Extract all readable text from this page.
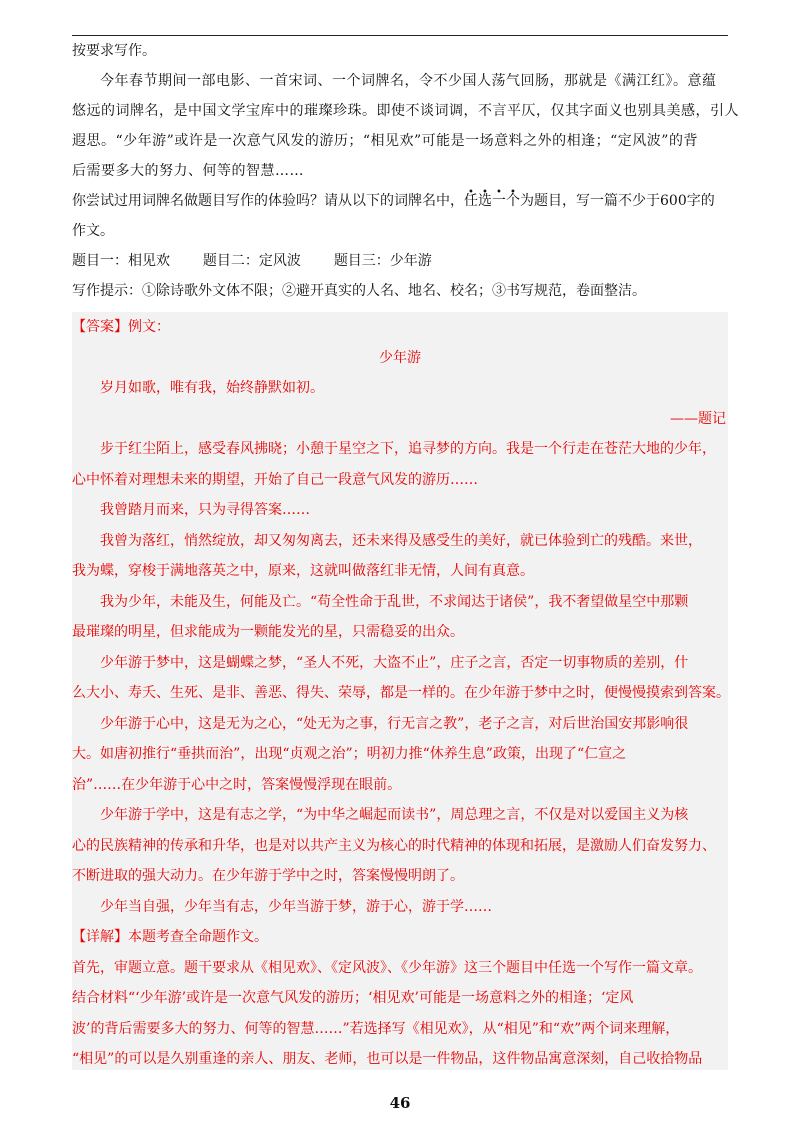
按要求写作。
今年春节期间一部电影、一首宋词、一个词牌名，令不少国人荡气回肠，那就是《满江红》。意蕴
悠远的词牌名，是中国文学宝库中的璀璨珍珠。即使不谈词调，不言平仄，仅其字面义也别具美感，引人
遐思。“少年游”或许是一次意气风发的游历；“相见欢”可能是一场意料之外的相逢；“定风波”的背
后需要多大的努力、何等的智慧……
你尝试过用词牌名做题目写作的体验吗？请从以下的词牌名中，任选一个为题目，写一篇不少于600字的
作文。
题目一：相见欢 题目二：定风波 题目三：少年游
写作提示：①除诗歌外文体不限；②避开真实的人名、地名、校名；③书写规范，卷面整洁。
【答案】例文：
少年游
岁月如歌，唯有我，始终静默如初。
——题记
步于红尘陌上，感受春风拂晓；小憩于星空之下，追寻梦的方向。我是一个行走在苍茫大地的少年，
心中怀着对理想未来的期望，开始了自己一段意气风发的游历……
我曾踏月而来，只为寻得答案……
我曾为落红，悄然绽放，却又匆匆离去，还未来得及感受生的美好，就已体验到亡的残酷。来世，
我为蝶，穿梭于满地落英之中，原来，这就叫做落红非无情，人间有真意。
我为少年，未能及生，何能及亡。“苟全性命于乱世，不求闻达于诸侯”，我不奢望做星空中那颗
最璀璨的明星，但求能成为一颗能发光的星，只需稳妥的出众。
少年游于梦中，这是蝴蝶之梦，“圣人不死，大盗不止”，庄子之言，否定一切事物质的差别，什
么大小、寿夭、生死、是非、善恶、得失、荣辱，都是一样的。在少年游于梦中之时，便慢慢摸索到答案。
少年游于心中，这是无为之心，“处无为之事，行无言之教”，老子之言，对后世治国安邦影响很
大。如唐初推行“垂拱而治”，出现“贞观之治”；明初力推“休养生息”政策，出现了“仁宣之
治”……在少年游于心中之时，答案慢慢浮现在眼前。
少年游于学中，这是有志之学，“为中华之崛起而读书”，周总理之言，不仅是对以爱国主义为核
心的民族精神的传承和升华，也是对以共产主义为核心的时代精神的体现和拓展，是激励人们奋发努力、
不断进取的强大动力。在少年游于学中之时，答案慢慢明朗了。
少年当自强，少年当有志，少年当游于梦，游于心，游于学……
【详解】本题考查全命题作文。
首先，审题立意。题干要求从《相见欢》、《定风波》、《少年游》这三个题目中任选一个写作一篇文章。
结合材料“‘少年游’或许是一次意气风发的游历；‘相见欢’可能是一场意料之外的相逢；‘定风
波’的背后需要多大的努力、何等的智慧……”若选择写《相见欢》，从“相见”和“欢”两个词来理解，
“相见”的可以是久别重逢的亲人、朋友、老师，也可以是一件物品，这件物品寓意深刻，自己收拾物品
46
